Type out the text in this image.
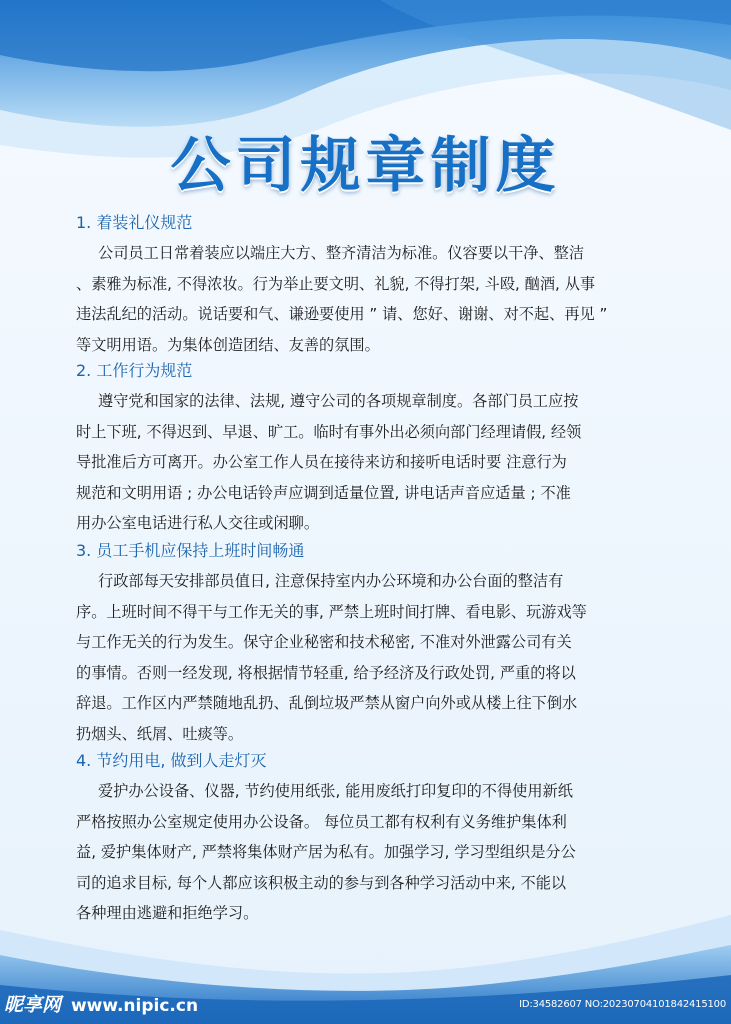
公司规章制度
1. 着装礼仪规范
公司员工日常着装应以端庄大方、整齐清洁为标准。仪容要以干净、整洁
、素雅为标准, 不得浓妆。行为举止要文明、礼貌, 不得打架, 斗殴, 酗酒, 从事
违法乱纪的活动。说话要和气、谦逊要使用 ” 请、您好、谢谢、对不起、再见 ”
等文明用语。为集体创造团结、友善的氛围。
2. 工作行为规范
遵守党和国家的法律、法规, 遵守公司的各项规章制度。各部门员工应按
时上下班, 不得迟到、早退、旷工。临时有事外出必须向部门经理请假, 经领
导批准后方可离开。办公室工作人员在接待来访和接听电话时要 注意行为
规范和文明用语 ; 办公电话铃声应调到适量位置, 讲电话声音应适量 ; 不准
用办公室电话进行私人交往或闲聊。
3. 员工手机应保持上班时间畅通
行政部每天安排部员值日, 注意保持室内办公环境和办公台面的整洁有
序。上班时间不得干与工作无关的事, 严禁上班时间打牌、看电影、玩游戏等
与工作无关的行为发生。保守企业秘密和技术秘密, 不准对外泄露公司有关
的事情。否则一经发现, 将根据情节轻重, 给予经济及行政处罚, 严重的将以
辞退。工作区内严禁随地乱扔、乱倒垃圾严禁从窗户向外或从楼上往下倒水
扔烟头、纸屑、吐痰等。
4. 节约用电, 做到人走灯灭
爱护办公设备、仪器, 节约使用纸张, 能用废纸打印复印的不得使用新纸
严格按照办公室规定使用办公设备。 每位员工都有权利有义务维护集体利
益, 爱护集体财产, 严禁将集体财产居为私有。加强学习, 学习型组织是分公
司的追求目标, 每个人都应该积极主动的参与到各种学习活动中来, 不能以
各种理由逃避和拒绝学习。
昵享网 www.nipic.cn	ID:34582607 NO:20230704101842415100
